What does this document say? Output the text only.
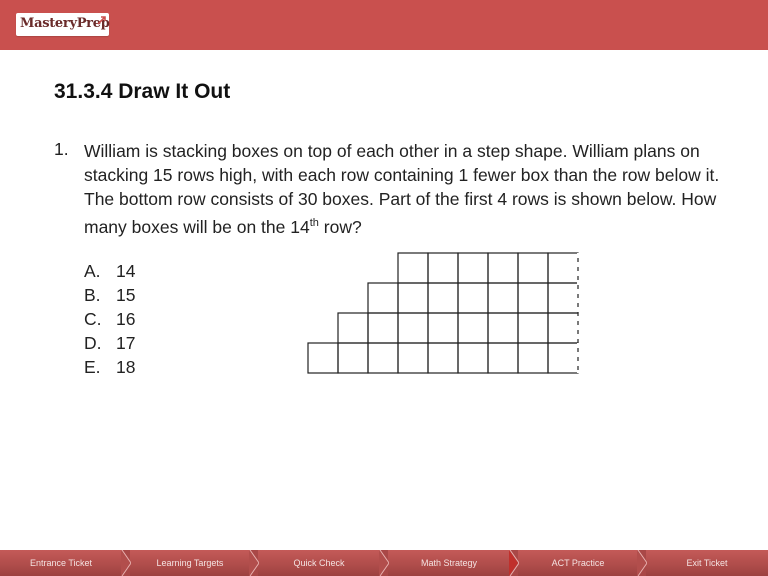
MasteryPrep
31.3.4 Draw It Out
1. William is stacking boxes on top of each other in a step shape. William plans on stacking 15 rows high, with each row containing 1 fewer box than the row below it. The bottom row consists of 30 boxes. Part of the first 4 rows is shown below. How many boxes will be on the 14th row?
A. 14
B. 15
C. 16
D. 17
E. 18
Entrance Ticket	Learning Targets	Quick Check	Math Strategy	ACT Practice	Exit Ticket
